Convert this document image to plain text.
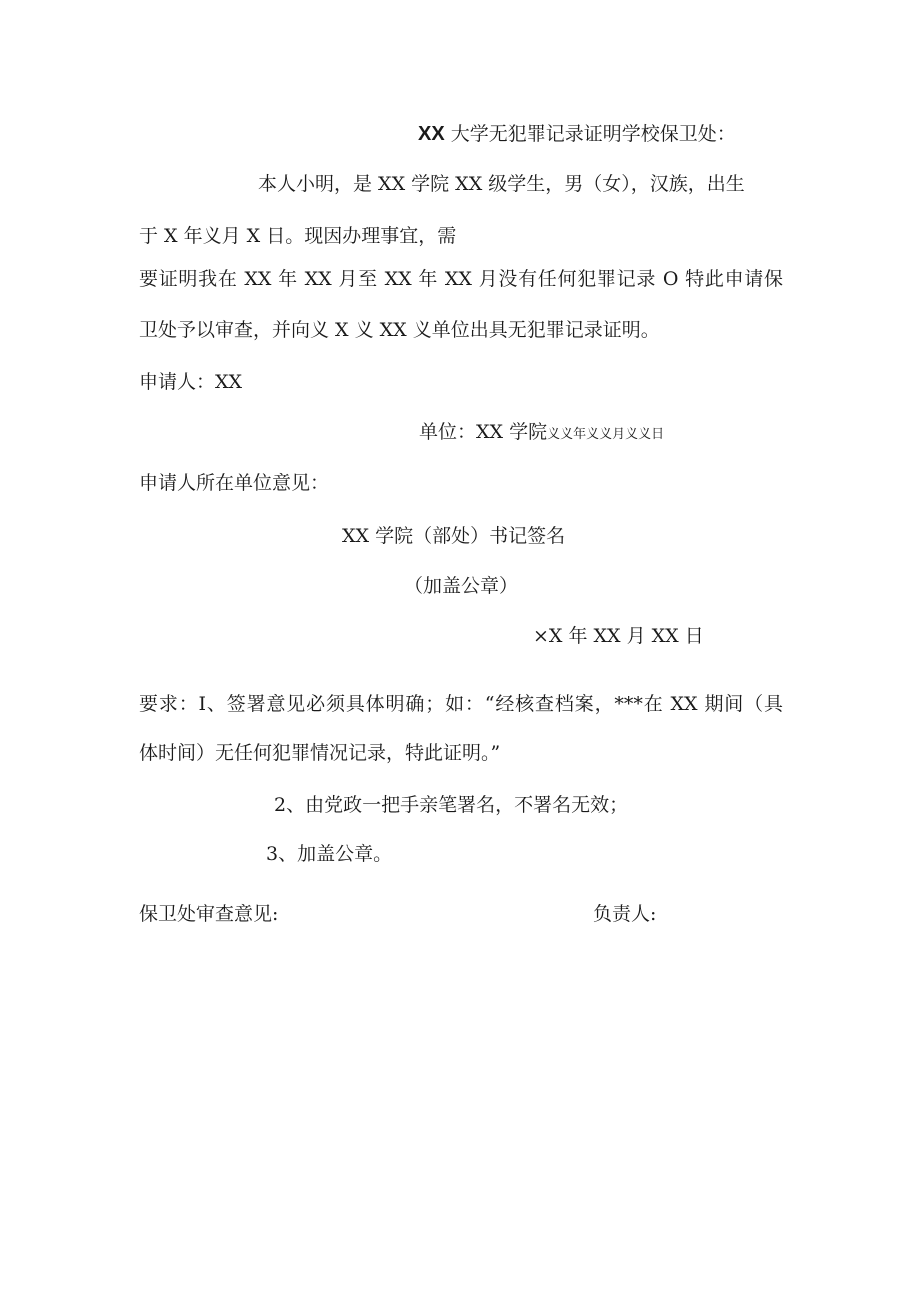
XX 大学无犯罪记录证明学校保卫处：
本人小明，是 XX 学院 XX 级学生，男（女），汉族，出生
于 X 年义月 X 日。现因办理事宜，需
要证明我在 XX 年 XX 月至 XX 年 XX 月没有任何犯罪记录 O 特此申请保
卫处予以审查，并向义 X 义 XX 义单位出具无犯罪记录证明。
申请人：XX
单位：XX 学院义义年义义月义义日
申请人所在单位意见：
XX 学院（部处）书记签名
（加盖公章）
×X 年 XX 月 XX 日
要求：I、签署意见必须具体明确；如：“经核查档案，***在 XX 期间（具
体时间）无任何犯罪情况记录，特此证明。”
2、由党政一把手亲笔署名，不署名无效；
3、加盖公章。
保卫处审查意见:	负责人:
